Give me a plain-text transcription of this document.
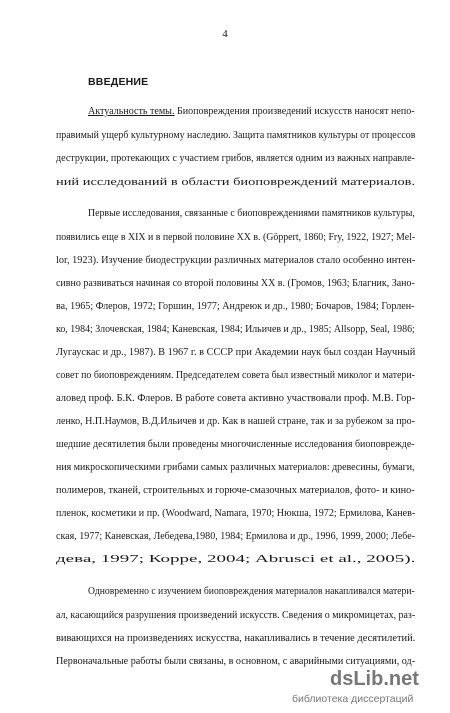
4
ВВЕДЕНИЕ
Актуальность темы. Биоповреждения произведений искусств наносят непо-
правимый ущерб культурному наследию. Защита памятников культуры от процессов
деструкции, протекающих с участием грибов, является одним из важных направле-
ний исследований в области биоповреждений материалов.
Первые исследования, связанные с биоповреждениями памятников культуры,
появились еще в XIX и в первой половине XX в. (Göppert, 1860; Fry, 1922, 1927; Mel-
lor, 1923). Изучение биодеструкции различных материалов стало особенно интен-
сивно развиваться начиная со второй половины XX в. (Громов, 1963; Благник, Зано-
ва, 1965; Флеров, 1972; Горшин, 1977; Андреюк и др., 1980; Бочаров, 1984; Горлен-
ко, 1984; Злочевская, 1984; Каневская, 1984; Ильичев и др., 1985; Allsopp, Seal, 1986;
Лугаускас и др., 1987). В 1967 г. в СССР при Академии наук был создан Научный
совет по биоповреждениям. Председателем совета был известный миколог и матери-
аловед проф. Б.К. Флеров. В работе совета активно участвовали проф. М.В. Гор-
ленко, Н.П.Наумов, В.Д.Ильичев и др. Как в нашей стране, так и за рубежом за про-
шедшие десятилетия были проведены многочисленные исследования биоповрежде-
ния микроскопическими грибами самых различных материалов: древесины, бумаги,
полимеров, тканей, строительных и горюче-смазочных материалов, фото- и кино-
пленок, косметики и пр. (Woodward, Namara, 1970; Нюкша, 1972; Ермилова, Канев-
ская, 1977; Каневская, Лебедева,1980, 1984; Ермилова и др., 1996, 1999, 2000; Лебе-
дева, 1997; Корре, 2004; Abrusci et al., 2005).
Одновременно с изучением биоповреждения материалов накапливался матери-
ал, касающийся разрушения произведений искусств. Сведения о микромицетах, раз-
вивающихся на произведениях искусства, накапливались в течение десятилетий.
Первоначальные работы были связаны, в основном, с аварийными ситуациями, од-
dsLib.net
библиотека диссертаций
